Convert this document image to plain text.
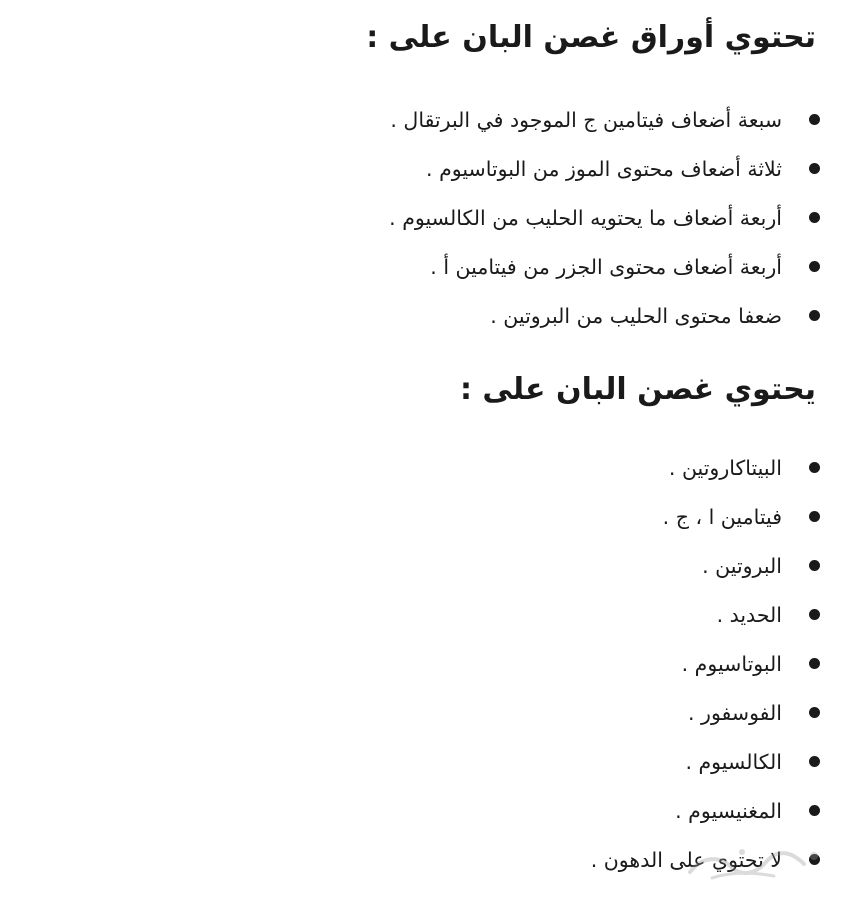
تحتوي أوراق غصن البان على :
سبعة أضعاف فيتامين ج الموجود في البرتقال .
ثلاثة أضعاف محتوى الموز من البوتاسيوم .
أربعة أضعاف ما يحتويه الحليب من الكالسيوم .
أربعة أضعاف محتوى الجزر من فيتامين أ .
ضعفا محتوى الحليب من البروتين .
يحتوي غصن البان على :
البيتاكاروتين .
فيتامين ا ، ج .
البروتين .
الحديد .
البوتاسيوم .
الفوسفور .
الكالسيوم .
المغنيسيوم .
لا تحتوي على الدهون .
